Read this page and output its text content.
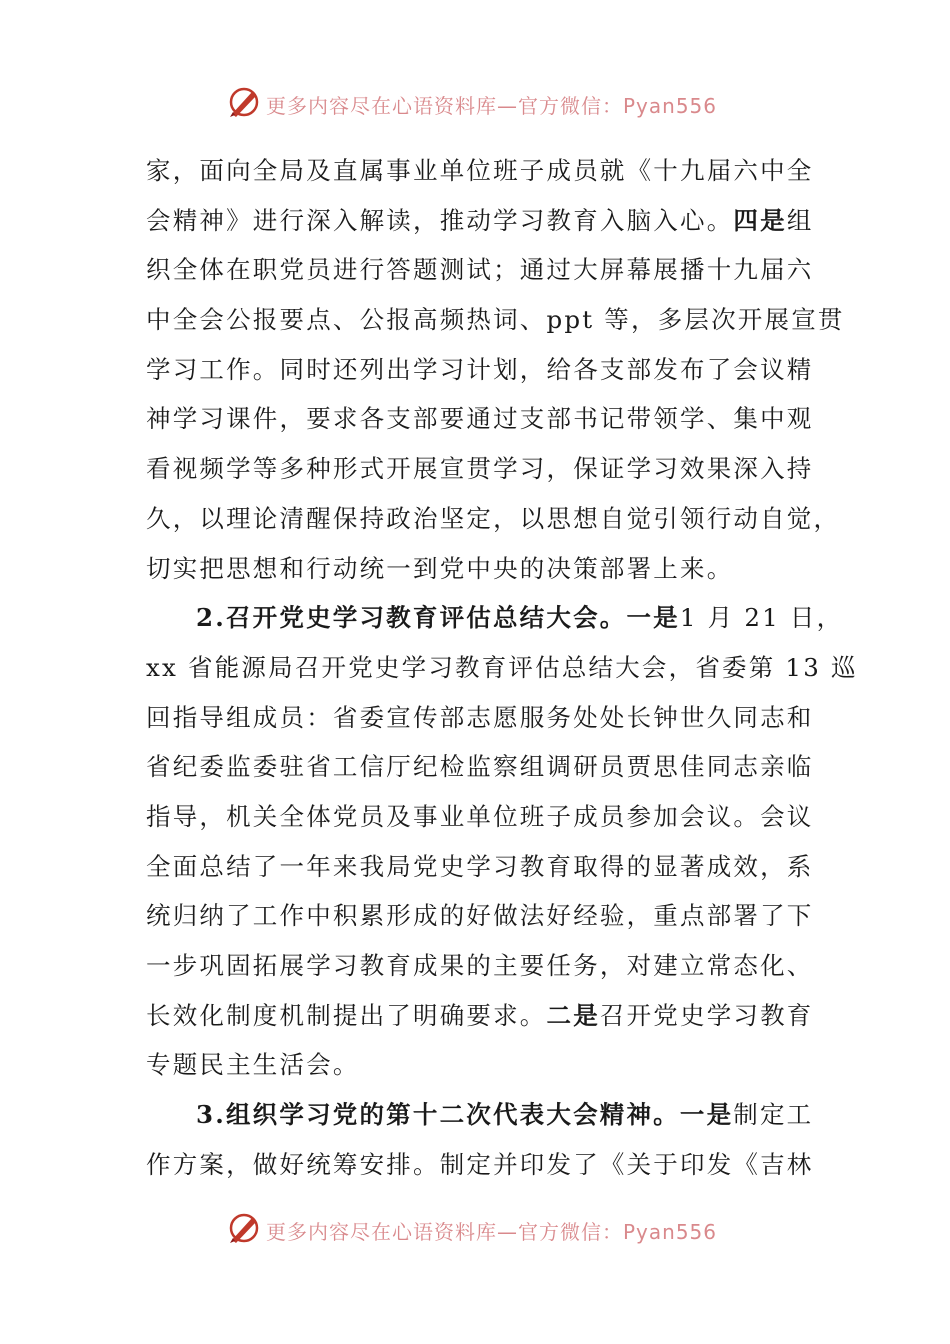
更多内容尽在心语资料库—官方微信：Pyan556
家，面向全局及直属事业单位班子成员就《十九届六中全
会精神》进行深入解读，推动学习教育入脑入心。四是组
织全体在职党员进行答题测试；通过大屏幕展播十九届六
中全会公报要点、公报高频热词、ppt 等，多层次开展宣贯
学习工作。同时还列出学习计划，给各支部发布了会议精
神学习课件，要求各支部要通过支部书记带领学、集中观
看视频学等多种形式开展宣贯学习，保证学习效果深入持
久，以理论清醒保持政治坚定，以思想自觉引领行动自觉，
切实把思想和行动统一到党中央的决策部署上来。
2.召开党史学习教育评估总结大会。一是1 月 21 日，
xx 省能源局召开党史学习教育评估总结大会，省委第 13 巡
回指导组成员：省委宣传部志愿服务处处长钟世久同志和
省纪委监委驻省工信厅纪检监察组调研员贾思佳同志亲临
指导，机关全体党员及事业单位班子成员参加会议。会议
全面总结了一年来我局党史学习教育取得的显著成效，系
统归纳了工作中积累形成的好做法好经验，重点部署了下
一步巩固拓展学习教育成果的主要任务，对建立常态化、
长效化制度机制提出了明确要求。二是召开党史学习教育
专题民主生活会。
3.组织学习党的第十二次代表大会精神。一是制定工
作方案，做好统筹安排。制定并印发了《关于印发《吉林
更多内容尽在心语资料库—官方微信：Pyan556
